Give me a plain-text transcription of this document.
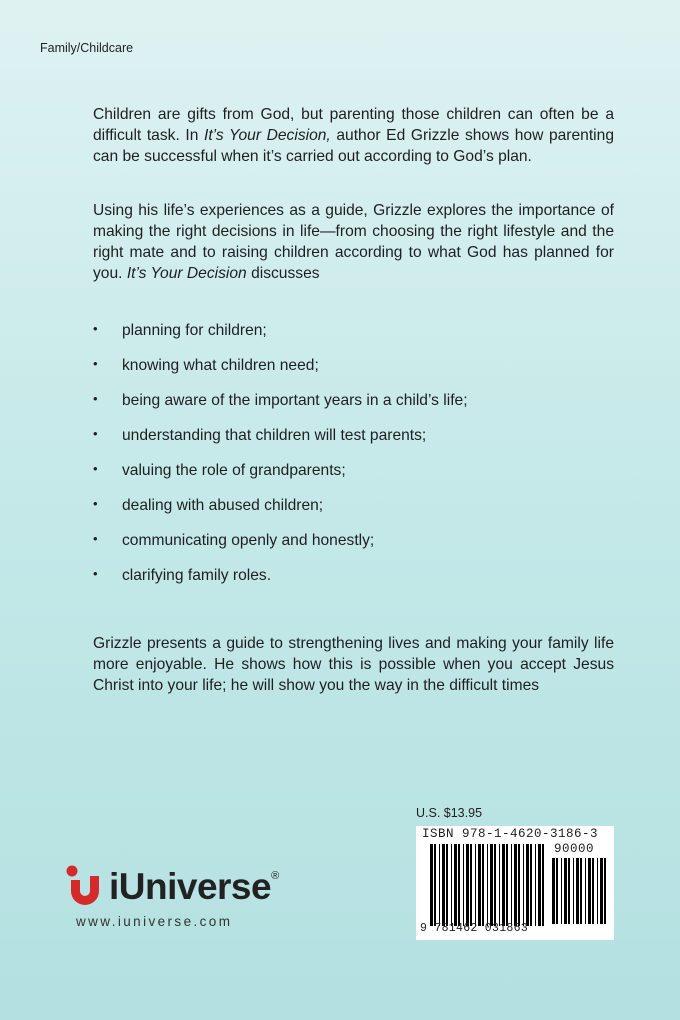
Family/Childcare

Children are gifts from God, but parenting those children can often be a difficult task. In It’s Your Decision, author Ed Grizzle shows how parenting can be successful when it’s carried out according to God’s plan.

Using his life’s experiences as a guide, Grizzle explores the importance of making the right decisions in life—from choosing the right lifestyle and the right mate and to raising children according to what God has planned for you. It’s Your Decision discusses

• planning for children;
• knowing what children need;
• being aware of the important years in a child’s life;
• understanding that children will test parents;
• valuing the role of grandparents;
• dealing with abused children;
• communicating openly and honestly;
• clarifying family roles.

Grizzle presents a guide to strengthening lives and making your family life more enjoyable. He shows how this is possible when you accept Jesus Christ into your life; he will show you the way in the difficult times

U.S. $13.95
ISBN 978-1-4620-3186-3
90000
9 781462 031863
iUniverse®
www.iuniverse.com
